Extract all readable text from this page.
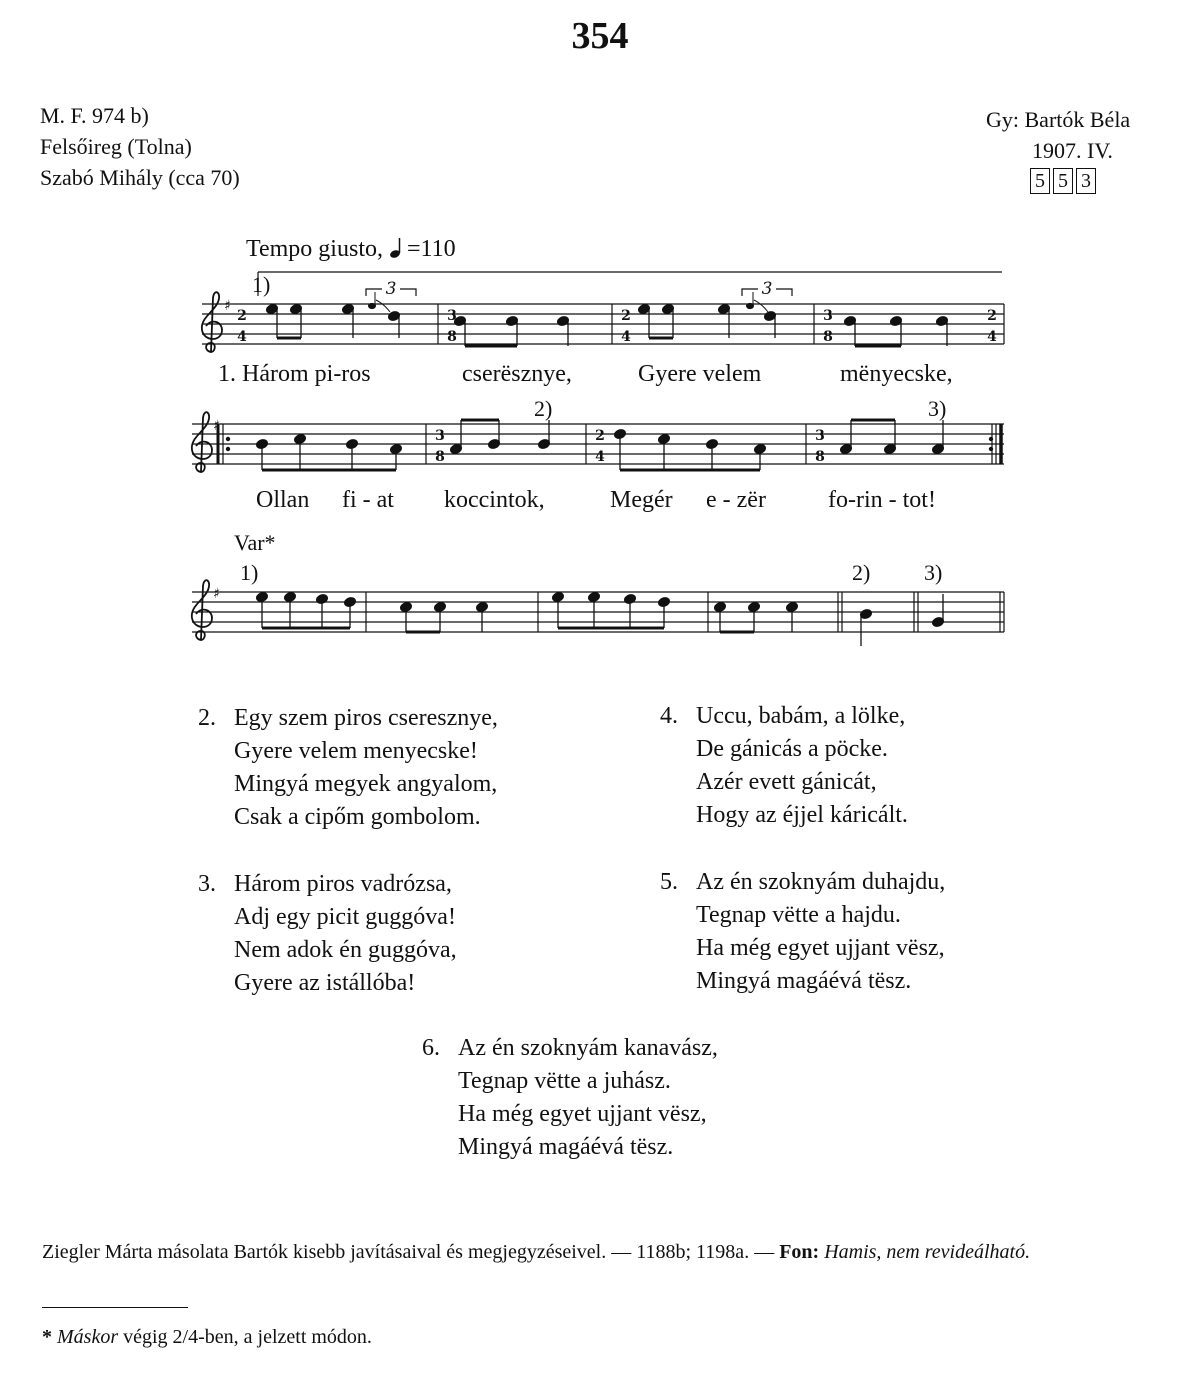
354
M. F. 974 b)
Felsőireg (Tolna)
Szabó Mihály (cca 70)
Gy: Bartók Béla
1907. IV.
5 5 3
Tempo giusto, =110
♯
♯
♯
2
4
3
8
2
4
3
8
2
4
3
8
2
4
3
8
3	3
1)
2)	3)
1)	2) 3)
Var*
1. Három pi-ros	cserësznye,	Gyere velem	mënyecske,
Ollan fi - at koccintok,	Megér e - zër	fo-rin - tot!
2. Egy szem piros cseresznye,
Gyere velem menyecske!
Mingyá megyek angyalom,
Csak a cipőm gombolom.
3. Három piros vadrózsa,
Adj egy picit guggóva!
Nem adok én guggóva,
Gyere az istállóba!
4. Uccu, babám, a lölke,
De gánicás a pöcke.
Azér evett gánicát,
Hogy az éjjel káricált.
5. Az én szoknyám duhajdu,
Tegnap vëtte a hajdu.
Ha még egyet ujjant vësz,
Mingyá magáévá tësz.
6. Az én szoknyám kanavász,
Tegnap vëtte a juhász.
Ha még egyet ujjant vësz,
Mingyá magáévá tësz.
Ziegler Márta másolata Bartók kisebb javításaival és megjegyzéseivel. — 1188b; 1198a. — Fon: Hamis, nem revideálható.
* Máskor végig 2/4-ben, a jelzett módon.
